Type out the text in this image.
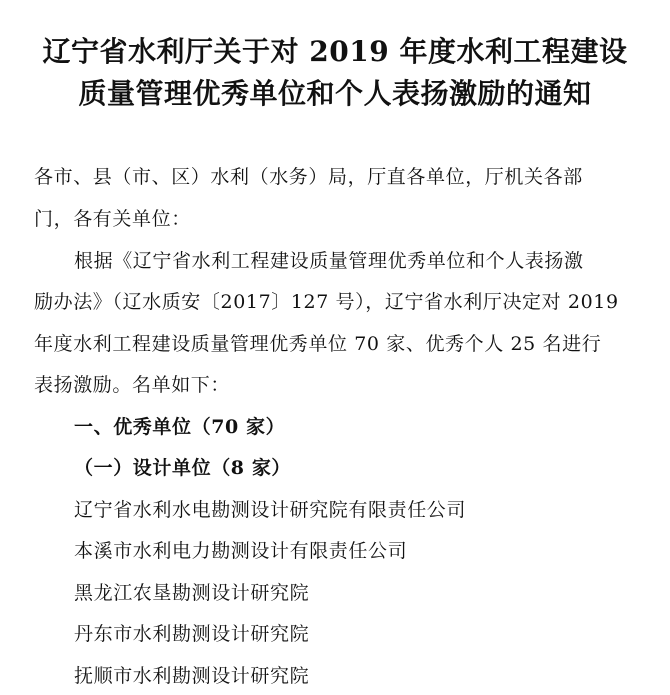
辽宁省水利厅关于对 2019 年度水利工程建设
质量管理优秀单位和个人表扬激励的通知
各市、县（市、区）水利（水务）局，厅直各单位，厅机关各部
门，各有关单位：
根据《辽宁省水利工程建设质量管理优秀单位和个人表扬激
励办法》（辽水质安〔2017〕127 号），辽宁省水利厅决定对 2019
年度水利工程建设质量管理优秀单位 70 家、优秀个人 25 名进行
表扬激励。名单如下：
一、优秀单位（70 家）
（一）设计单位（8 家）
辽宁省水利水电勘测设计研究院有限责任公司
本溪市水利电力勘测设计有限责任公司
黑龙江农垦勘测设计研究院
丹东市水利勘测设计研究院
抚顺市水利勘测设计研究院
